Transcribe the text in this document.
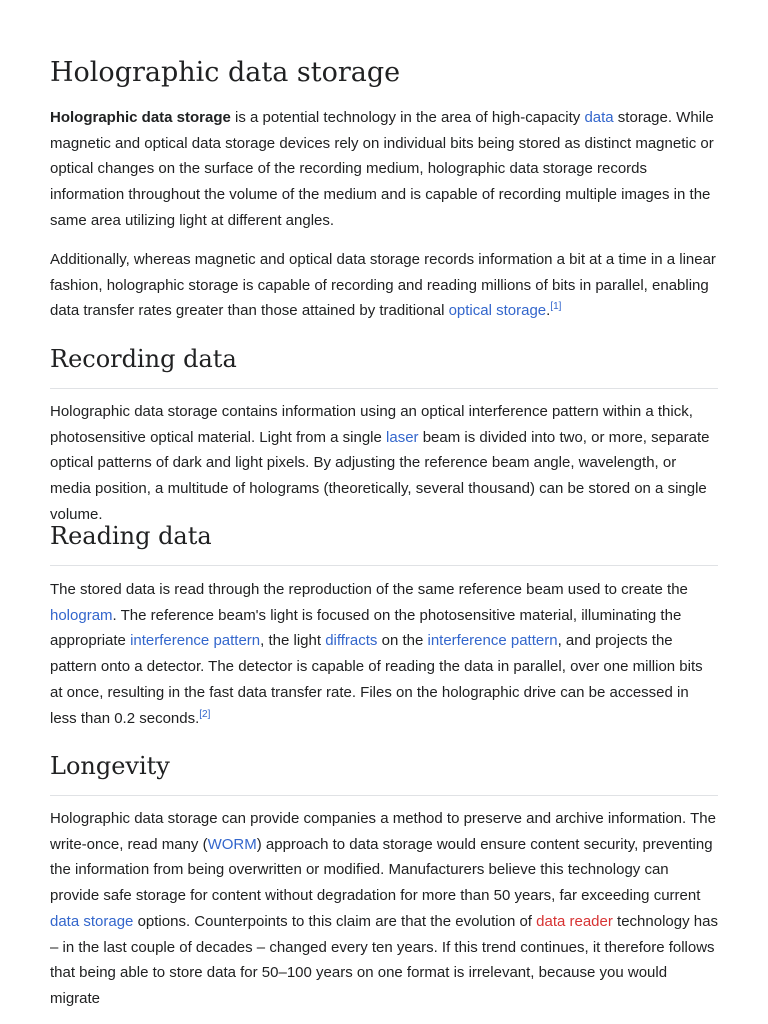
Holographic data storage

Holographic data storage is a potential technology in the area of high-capacity data storage. While magnetic and optical data storage devices rely on individual bits being stored as distinct magnetic or optical changes on the surface of the recording medium, holographic data storage records information throughout the volume of the medium and is capable of recording multiple images in the same area utilizing light at different angles.

Additionally, whereas magnetic and optical data storage records information a bit at a time in a linear fashion, holographic storage is capable of recording and reading millions of bits in parallel, enabling data transfer rates greater than those attained by traditional optical storage.[1]

Recording data

Holographic data storage contains information using an optical interference pattern within a thick, photosensitive optical material. Light from a single laser beam is divided into two, or more, separate optical patterns of dark and light pixels. By adjusting the reference beam angle, wavelength, or media position, a multitude of holograms (theoretically, several thousand) can be stored on a single volume.

Reading data

The stored data is read through the reproduction of the same reference beam used to create the hologram. The reference beam's light is focused on the photosensitive material, illuminating the appropriate interference pattern, the light diffracts on the interference pattern, and projects the pattern onto a detector. The detector is capable of reading the data in parallel, over one million bits at once, resulting in the fast data transfer rate. Files on the holographic drive can be accessed in less than 0.2 seconds.[2]

Longevity

Holographic data storage can provide companies a method to preserve and archive information. The write-once, read many (WORM) approach to data storage would ensure content security, preventing the information from being overwritten or modified. Manufacturers believe this technology can provide safe storage for content without degradation for more than 50 years, far exceeding current data storage options. Counterpoints to this claim are that the evolution of data reader technology has – in the last couple of decades – changed every ten years. If this trend continues, it therefore follows that being able to store data for 50–100 years on one format is irrelevant, because you would migrate
